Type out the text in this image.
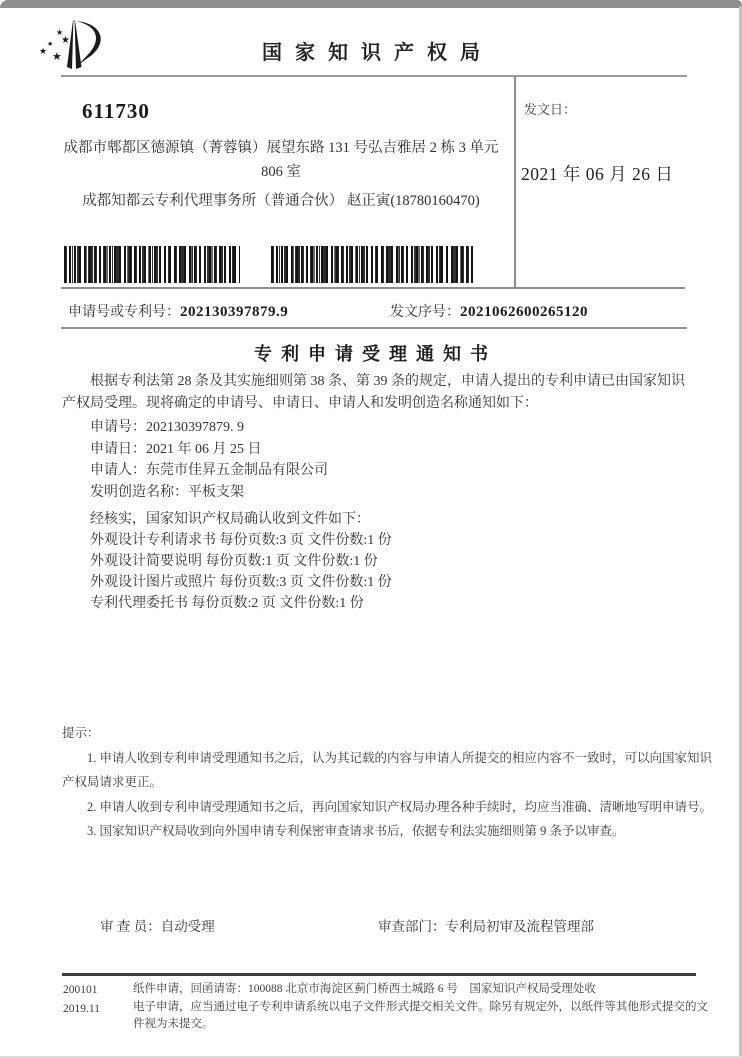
★
★
★
★ ★	国家知识产权局
611730
成都市郫都区德源镇（菁蓉镇）展望东路 131 号弘吉雅居 2 栋 3 单元
806 室
成都知都云专利代理事务所（普通合伙） 赵正寅(18780160470)
发文日：
2021 年 06 月 26 日
申请号或专利号：202130397879.9	发文序号：2021062600265120
专利申请受理通知书
根据专利法第 28 条及其实施细则第 38 条、第 39 条的规定，申请人提出的专利申请已由国家知识产权局受理。现将确定的申请号、申请日、申请人和发明创造名称通知如下：
申请号：202130397879. 9
申请日：2021 年 06 月 25 日
申请人：东莞市佳昇五金制品有限公司
发明创造名称：平板支架
经核实，国家知识产权局确认收到文件如下：
外观设计专利请求书 每份页数:3 页 文件份数:1 份
外观设计简要说明 每份页数:1 页 文件份数:1 份
外观设计图片或照片 每份页数:3 页 文件份数:1 份
专利代理委托书 每份页数:2 页 文件份数:1 份

提示：

1. 申请人收到专利申请受理通知书之后，认为其记载的内容与申请人所提交的相应内容不一致时，可以向国家知识产权局请求更正。

2. 申请人收到专利申请受理通知书之后，再向国家知识产权局办理各种手续时，均应当准确、清晰地写明申请号。

3. 国家知识产权局收到向外国申请专利保密审查请求书后，依据专利法实施细则第 9 条予以审查。

审 查 员：自动受理	审查部门：专利局初审及流程管理部
200101
2019.11
纸件申请，回函请寄：100088 北京市海淀区蓟门桥西土城路 6 号　国家知识产权局受理处收
电子申请，应当通过电子专利申请系统以电子文件形式提交相关文件。除另有规定外，以纸件等其他形式提交的文件视为未提交。
